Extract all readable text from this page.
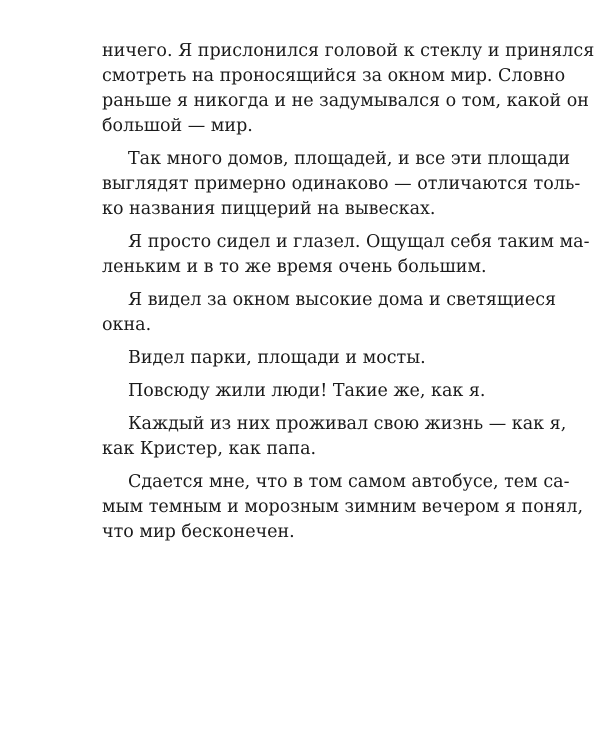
ничего. Я прислонился головой к стеклу и принялся
смотреть на проносящийся за окном мир. Словно
раньше я никогда и не задумывался о том, какой он
большой — мир.
Так много домов, площадей, и все эти площади
выглядят примерно одинаково — отличаются толь-
ко названия пиццерий на вывесках.
Я просто сидел и глазел. Ощущал себя таким ма-
леньким и в то же время очень большим.
Я видел за окном высокие дома и светящиеся
окна.
Видел парки, площади и мосты.
Повсюду жили люди! Такие же, как я.
Каждый из них проживал свою жизнь — как я,
как Кристер, как папа.
Сдается мне, что в том самом автобусе, тем са-
мым темным и морозным зимним вечером я понял,
что мир бесконечен.
